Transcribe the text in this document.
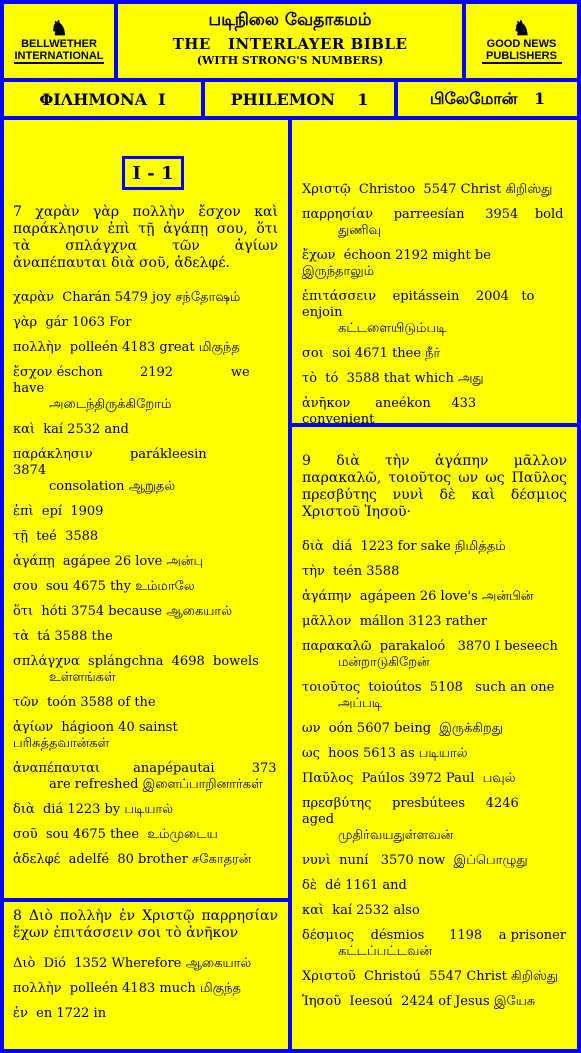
♞
BELLWETHER INTERNATIONAL
படிநிலை வேதாகமம்
THE   INTERLAYER BIBLE
(WITH STRONG'S NUMBERS)
♞
GOOD NEWS PUBLISHERS
ΦΙΛΗΜΟΝΑ  Ι	PHILEMON    1	பிலேமோன்   1
I - 1
7 χαρὰν γὰρ πολλὴν ἔσχον καὶ παράκλησιν ἐπὶ τῇ ἀγάπῃ σου, ὅτι τὰ σπλάγχνα τῶν ἁγίων ἀναπέπαυται διὰ σοῦ, ἀδελφέ.
χαρὰν  Charán 5479 joy சந்தோஷம்
γὰρ  gár 1063 For
πολλὴν  polleén 4183 great மிகுந்த
ἔσχον éschon         2192              we have
அடைந்திருக்கிறோம்
καὶ  kaí 2532 and
παράκλησιν         parákleesin          3874
consolation ஆறுதல்
ἐπὶ  epí  1909
τῇ  teé  3588
ἀγάπῃ  agápee 26 love அன்பு
σου  sou 4675 thy உம்மாலே
ὅτι  hóti 3754 because ஆகையால்
τὰ  tá 3588 the
σπλάγχνα  splángchna  4698  bowels
உள்ளங்கள்
τῶν  toón 3588 of the
ἁγίων  hágioon 40 sainst பரிசுத்தவான்கள்
ἀναπέπαυται        anapépautai         373
are refreshed இளைப்பாறினார்கள்
διὰ  diá 1223 by படியால்
σοῦ  sou 4675 thee  உம்முடைய
ἀδελφέ  adelfé  80 brother சகோதரன்
8 Διὸ πολλὴν ἐν Χριστῷ παρρησίαν ἔχων ἐπιτάσσειν σοι τὸ ἀνῆκον
Διὸ  Dió  1352 Wherefore ஆகையால்
πολλὴν  polleén 4183 much மிகுந்த
ἐν  en 1722 in
Χριστῷ  Christoo  5547 Christ கிறிஸ்து
παρρησίαν     parreesían     3954    bold
துணிவு
ἔχων  échoon 2192 might be இருந்தாலும்
ἐπιτάσσειν    epitássein    2004   to enjoin
கட்டளையிடும்படி
σοι  soi 4671 thee நீர்
τὸ  tó  3588 that which அது
ἀνῆκον      aneékon     433      convenient
9 διὰ τὴν ἀγάπην μᾶλλον παρακαλῶ, τοιοῦτος ων ως Παῦλος πρεσβύτης νυνὶ δὲ καὶ δέσμιος Χριστοῦ Ἰησοῦ·
διὰ  diá  1223 for sake நிமித்தம்
τὴν  teén 3588
ἀγάπην  agápeen 26 love's அன்பின்
μᾶλλον  mállon 3123 rather
παρακαλῶ  parakaloó   3870 I beseech
மன்றாடுகிறேன்
τοιοῦτος  toioútos  5108   such an one
அப்படி
ων  oón 5607 being  இருக்கிறது
ως  hoos 5613 as படியால்
Παῦλος  Paúlos 3972 Paul  பவுல்
πρεσβύτης     presbútees     4246     aged
முதிர்வயதுள்ளவன்
νυνὶ  nuní   3570 now  இப்பொழுது
δὲ  dé 1161 and
καὶ  kaí 2532 also
δέσμιος    désmios      1198    a prisoner
கட்டப்பட்டவன்
Χριστοῦ  Christoú  5547 Christ கிறிஸ்து
Ἰησοῦ  Ieesoú  2424 of Jesus இயேசு
